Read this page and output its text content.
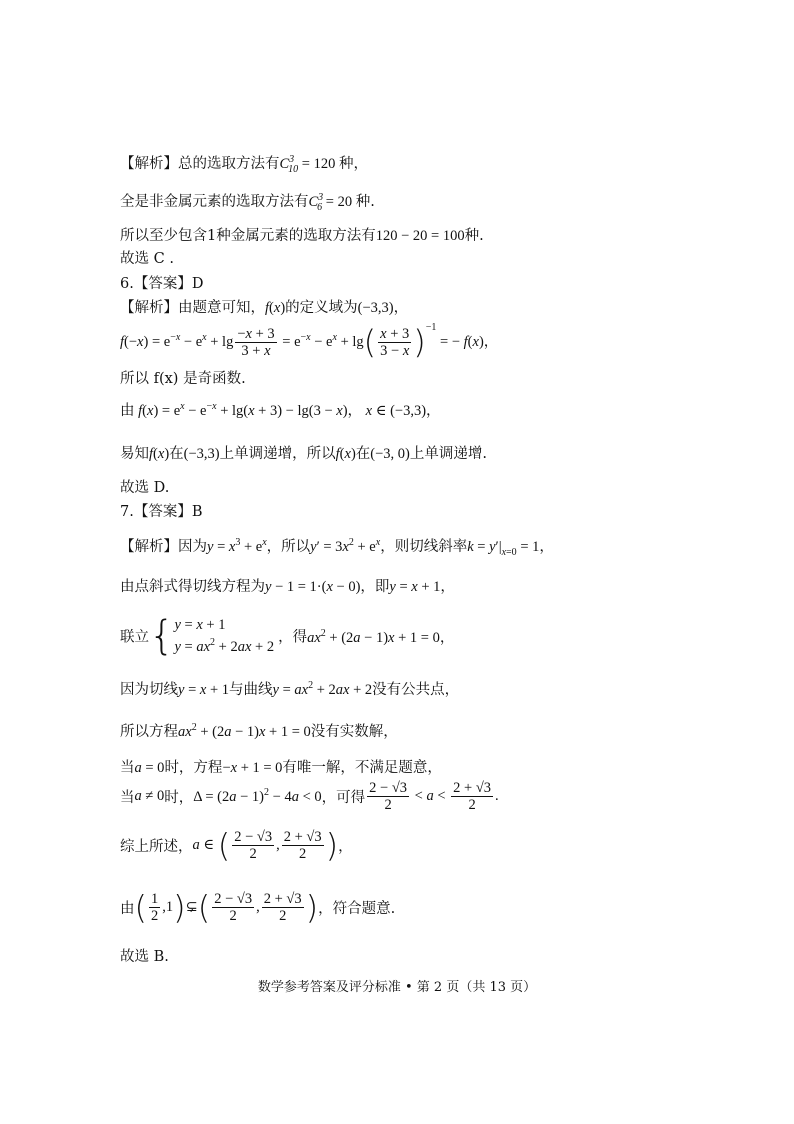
【解析】总的选取方法有$C^3_{10} = 120$ 种，
全是非金属元素的选取方法有$C^3_6 = 20$ 种.
所以至少包含1种金属元素的选取方法有120 − 20 = 100种.
故选 C .
6.【答案】D
【解析】由题意可知，f(x)的定义域为(−3,3)，
$f(-x) = e^{-x} - e^x + \lg \frac{-x + 3}{3 + x} = e^{-x} - e^x + \lg( \frac{x + 3}{3 - x} )^{-1}$ = − f(x)，
所以 f(x) 是奇函数.
由 $f(x) = e^x - e^{-x} + \lg(x + 3) - \lg(3 - x)$， x ∈ (−3,3)，
易知f(x)在(−3,3)上单调递增，所以f(x)在(−3, 0)上单调递增.
故选 D.
7.【答案】B
【解析】因为$y = x^3 + e^x$，所以$y' = 3x^2 + e^x$，则切线斜率$k = y'|_{x=0} = 1$，
由点斜式得切线方程为y − 1 = 1·(x − 0)，即y = x + 1，
联立{ y = x + 1
$y = ax^2 + 2ax + 2$
，得$ax^2 + (2a - 1)x + 1 = 0$，
因为切线y = x + 1与曲线$y = ax^2 + 2ax + 2$没有公共点，
所以方程$ax^2 + (2a - 1)x + 1 = 0$没有实数解，
当a = 0时，方程−x + 1 = 0有唯一解，不满足题意，
当a ≠ 0时，$\Delta = (2a - 1)^2 - 4a < 0$，可得 $\frac{2 - √3}{2} < a < \frac{2 + √3}{2}$ .
综上所述，a ∈ ( $\frac{2 - √3}{2}$ , $\frac{2 + √3}{2}$ )，
由( $\frac{1}{2}$ ,1)⊊( $\frac{2 - √3}{2}$ , $\frac{2 + √3}{2}$ )，符合题意.
故选 B.
数学参考答案及评分标准 • 第 2 页（共 13 页）
